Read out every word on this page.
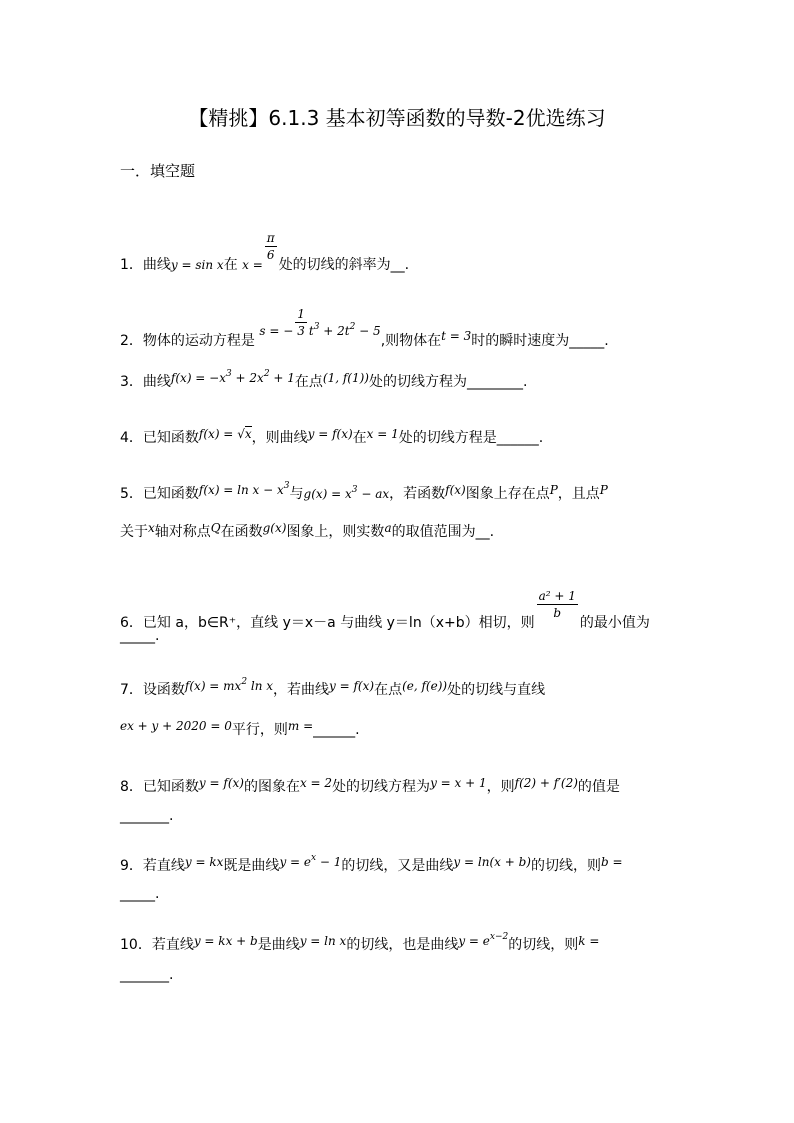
【精挑】6.1.3 基本初等函数的导数-2优选练习
一．填空题
1．曲线y = sin x在 x =
$\frac{\pi}{6}$
处的切线的斜率为__.
2．物体的运动方程是 s = − $\frac{1}{3} t^3 + 2t^2 - 5$,则物体在t = 3时的瞬时速度为_____.
3．曲线$f(x) = -x^3 + 2x^2 + 1$在点(1, f(1))处的切线方程为________.
4．已知函数f(x) = √x，则曲线y = f(x)在x = 1处的切线方程是______.
5．已知函数$f(x) = \ln x - x^3$与$g(x) = x^3$ − ax，若函数f(x)图象上存在点P，且点P
关于x轴对称点Q在函数g(x)图象上，则实数a的取值范围为__.
6．已知 a，b∈R⁺，直线 y＝x－a 与曲线 y＝ln（x+b）相切，则
$\frac{\text{a² + 1}}{b}$
的最小值为
_____.
7．设函数$f(x) = mx^2$ ln x，若曲线y = f(x)在点(e, f(e))处的切线与直线
ex + y + 2020 = 0平行，则m =______.
8．已知函数y = f(x)的图象在x = 2处的切线方程为y = x + 1，则f(2) + f′(2)的值是
_______.
9．若直线y = kx既是曲线$y = e^x - 1$的切线，又是曲线y = ln(x + b)的切线，则b =
_____.
10．若直线y = kx + b是曲线y = ln x的切线，也是曲线$y = e^{x-2}$的切线，则k =
_______.
